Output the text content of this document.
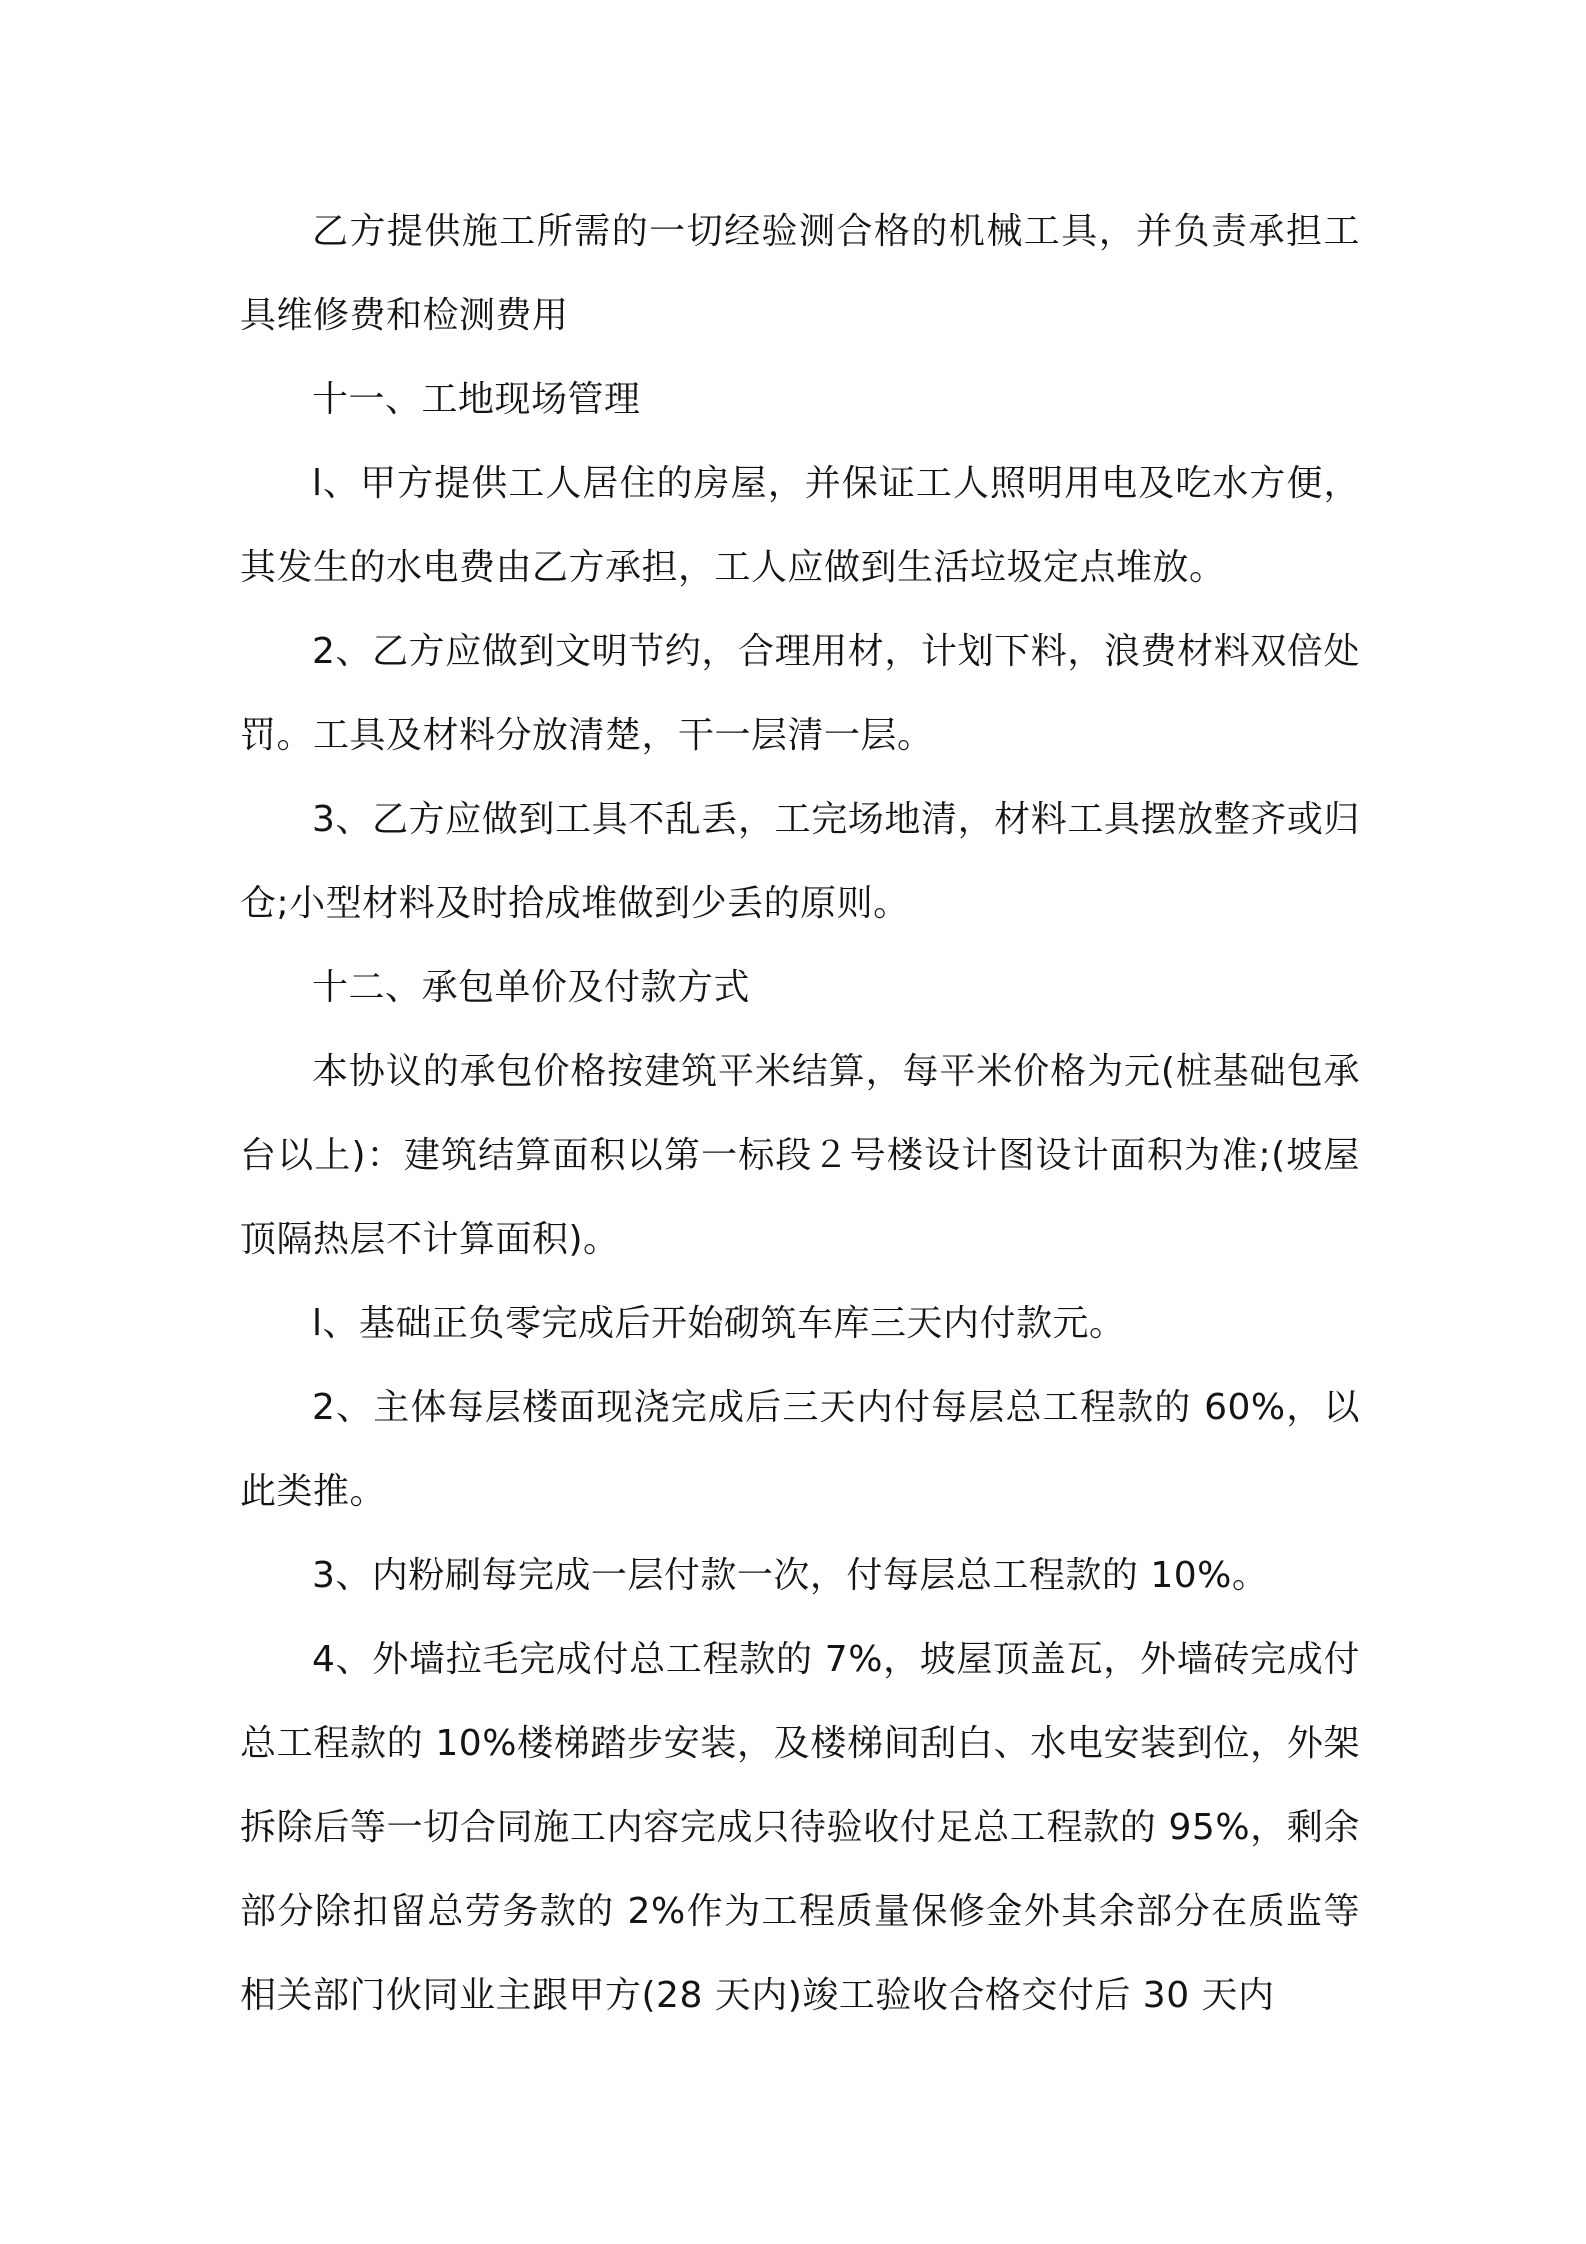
乙方提供施工所需的一切经验测合格的机械工具，并负责承担工具维修费和检测费用

十一、工地现场管理

l、甲方提供工人居住的房屋，并保证工人照明用电及吃水方便，其发生的水电费由乙方承担，工人应做到生活垃圾定点堆放。

2、乙方应做到文明节约，合理用材，计划下料，浪费材料双倍处罚。工具及材料分放清楚，干一层清一层。

3、乙方应做到工具不乱丢，工完场地清，材料工具摆放整齐或归仓;小型材料及时拾成堆做到少丢的原则。

十二、承包单价及付款方式

本协议的承包价格按建筑平米结算，每平米价格为元(桩基础包承台以上)：建筑结算面积以第一标段２号楼设计图设计面积为准;(坡屋顶隔热层不计算面积)。

l、基础正负零完成后开始砌筑车库三天内付款元。

2、主体每层楼面现浇完成后三天内付每层总工程款的 60%，以此类推。

3、内粉刷每完成一层付款一次，付每层总工程款的 10%。

4、外墙拉毛完成付总工程款的 7%，坡屋顶盖瓦，外墙砖完成付总工程款的 10%楼梯踏步安装，及楼梯间刮白、水电安装到位，外架拆除后等一切合同施工内容完成只待验收付足总工程款的 95%，剩余部分除扣留总劳务款的 2%作为工程质量保修金外其余部分在质监等相关部门伙同业主跟甲方(28 天内)竣工验收合格交付后 30 天内
